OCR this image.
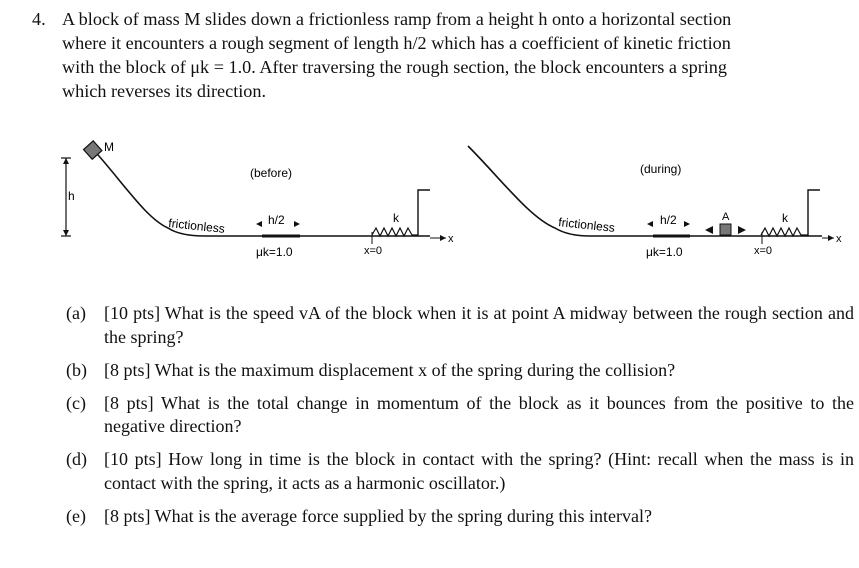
4. A block of mass M slides down a frictionless ramp from a height h onto a horizontal section
where it encounters a rough segment of length h/2 which has a coefficient of kinetic friction
with the block of μk = 1.0. After traversing the rough section, the block encounters a spring
which reverses its direction.
h
M
(before)
frictionless	h/2
μk=1.0
k
x=0
x
(during)
frictionless	h/2
μk=1.0
A	k
x=0
x
(a) [10 pts] What is the speed vA of the block when it is at point A midway between the rough section and the spring?
(b) [8 pts] What is the maximum displacement x of the spring during the collision?
(c) [8 pts] What is the total change in momentum of the block as it bounces from the positive to the negative direction?
(d) [10 pts] How long in time is the block in contact with the spring? (Hint: recall when the mass is in contact with the spring, it acts as a harmonic oscillator.)
(e) [8 pts] What is the average force supplied by the spring during this interval?
